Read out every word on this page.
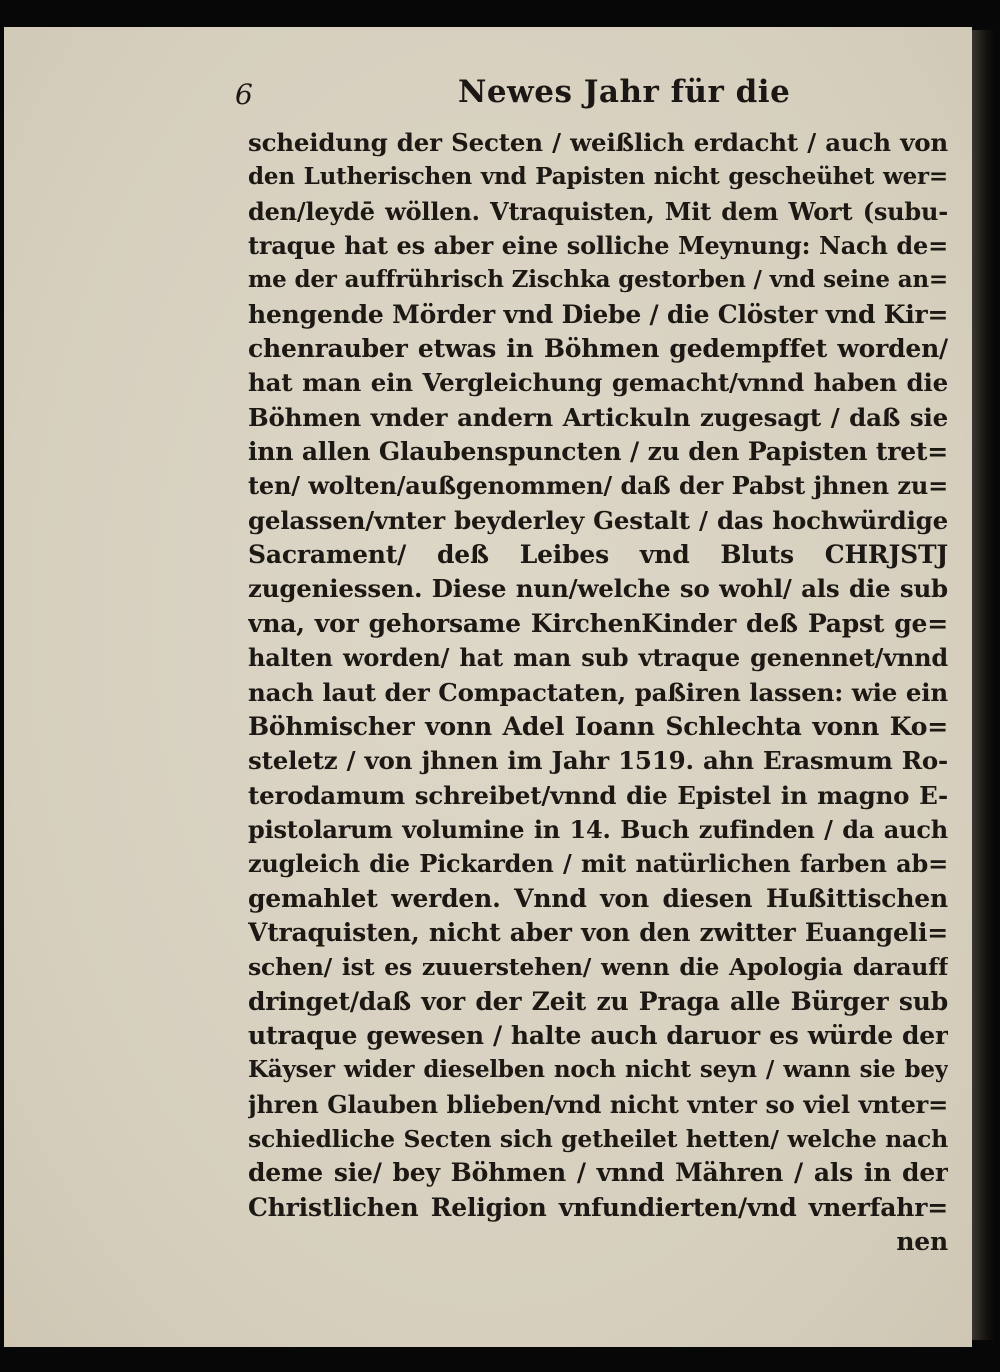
6	Newes Jahr für die
scheidung der Secten / weißlich erdacht / auch von
den Lutherischen vnd Papisten nicht gescheühet wer=
den/leydē wöllen. Vtraquisten, Mit dem Wort (subu-
traque hat es aber eine solliche Meynung: Nach de=
me der auffrührisch Zischka gestorben / vnd seine an=
hengende Mörder vnd Diebe / die Clöster vnd Kir=
chenrauber etwas in Böhmen gedempffet worden/
hat man ein Vergleichung gemacht/vnnd haben die
Böhmen vnder andern Artickuln zugesagt / daß sie
inn allen Glaubenspuncten / zu den Papisten tret=
ten/ wolten/außgenommen/ daß der Pabst jhnen zu=
gelassen/vnter beyderley Gestalt / das hochwürdige
Sacrament/ deß Leibes vnd Bluts CHRJSTJ
zugeniessen. Diese nun/welche so wohl/ als die sub
vna, vor gehorsame KirchenKinder deß Papst ge=
halten worden/ hat man sub vtraque genennet/vnnd
nach laut der Compactaten, paßiren lassen: wie ein
Böhmischer vonn Adel Ioann Schlechta vonn Ko=
steletz / von jhnen im Jahr 1519. ahn Erasmum Ro-
terodamum schreibet/vnnd die Epistel in magno E-
pistolarum volumine in 14. Buch zufinden / da auch
zugleich die Pickarden / mit natürlichen farben ab=
gemahlet werden. Vnnd von diesen Hußittischen
Vtraquisten, nicht aber von den zwitter Euangeli=
schen/ ist es zuuerstehen/ wenn die Apologia darauff
dringet/daß vor der Zeit zu Praga alle Bürger sub
utraque gewesen / halte auch daruor es würde der
Käyser wider dieselben noch nicht seyn / wann sie bey
jhren Glauben blieben/vnd nicht vnter so viel vnter=
schiedliche Secten sich getheilet hetten/ welche nach
deme sie/ bey Böhmen / vnnd Mähren / als in der
Christlichen Religion vnfundierten/vnd vnerfahr=
nen
